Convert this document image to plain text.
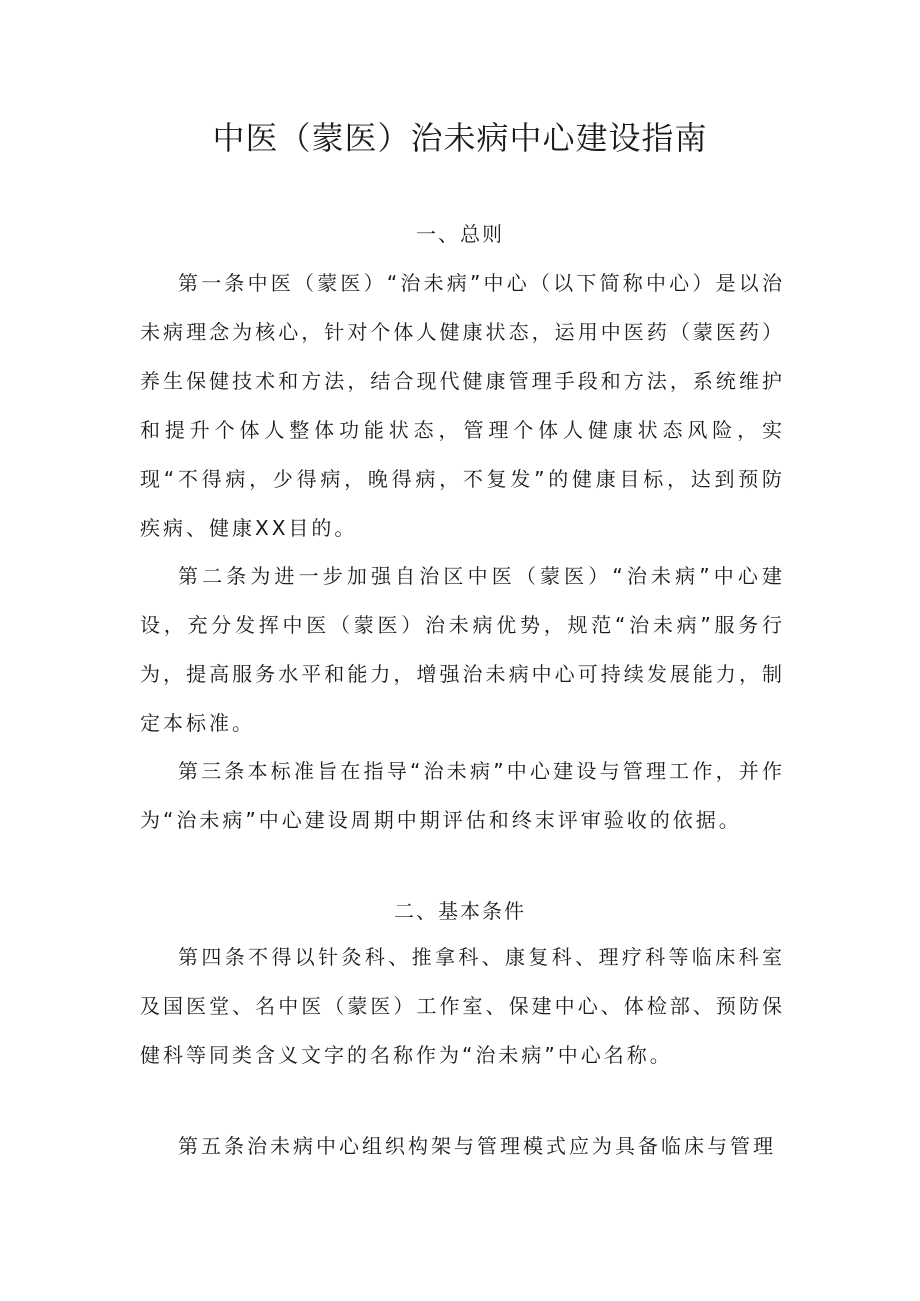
中医（蒙医）治未病中心建设指南
一、总则
第一条中医（蒙医）“治未病”中心（以下简称中心）是以治未病理念为核心，针对个体人健康状态，运用中医药（蒙医药）养生保健技术和方法，结合现代健康管理手段和方法，系统维护和提升个体人整体功能状态，管理个体人健康状态风险，实现“不得病，少得病，晚得病，不复发”的健康目标，达到预防疾病、健康XX目的。
第二条为进一步加强自治区中医（蒙医）“治未病”中心建设，充分发挥中医（蒙医）治未病优势，规范“治未病”服务行为，提高服务水平和能力，增强治未病中心可持续发展能力，制定本标准。
第三条本标准旨在指导“治未病”中心建设与管理工作，并作为“治未病”中心建设周期中期评估和终末评审验收的依据。
二、基本条件
第四条不得以针灸科、推拿科、康复科、理疗科等临床科室及国医堂、名中医（蒙医）工作室、保建中心、体检部、预防保健科等同类含义文字的名称作为“治未病”中心名称。
第五条治未病中心组织构架与管理模式应为具备临床与管理
